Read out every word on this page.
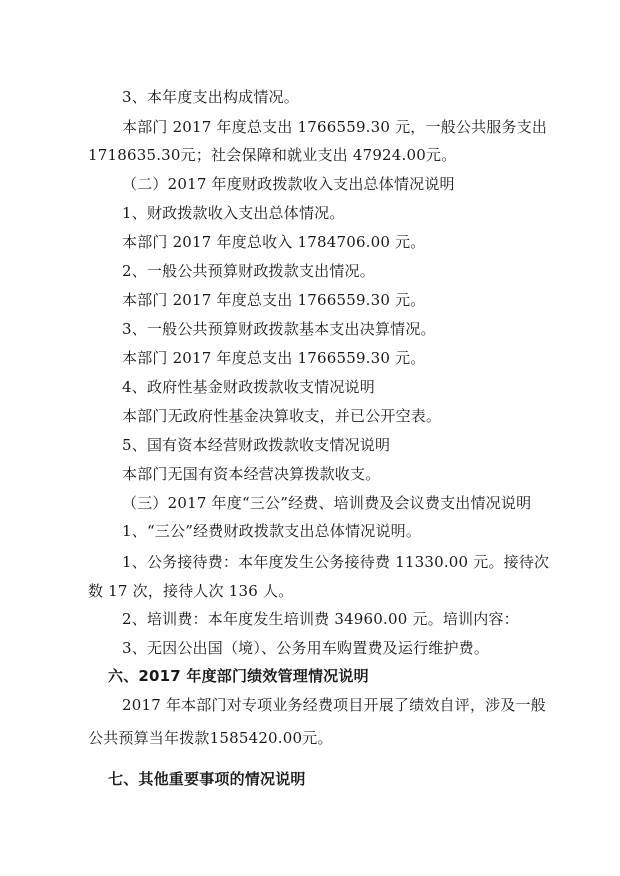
3、本年度支出构成情况。
本部门 2017 年度总支出 1766559.30 元，一般公共服务支出
1718635.30元；社会保障和就业支出 47924.00元。
（二）2017 年度财政拨款收入支出总体情况说明
1、财政拨款收入支出总体情况。
本部门 2017 年度总收入 1784706.00 元。
2、一般公共预算财政拨款支出情况。
本部门 2017 年度总支出 1766559.30 元。
3、一般公共预算财政拨款基本支出决算情况。
本部门 2017 年度总支出 1766559.30 元。
4、政府性基金财政拨款收支情况说明
本部门无政府性基金决算收支，并已公开空表。
5、国有资本经营财政拨款收支情况说明
本部门无国有资本经营决算拨款收支。
（三）2017 年度“三公”经费、培训费及会议费支出情况说明
1、“三公”经费财政拨款支出总体情况说明。
1、公务接待费：本年度发生公务接待费 11330.00 元。接待次
数 17 次，接待人次 136 人。
2、培训费：本年度发生培训费 34960.00 元。培训内容：
3、无因公出国（境）、公务用车购置费及运行维护费。
六、2017 年度部门绩效管理情况说明
2017 年本部门对专项业务经费项目开展了绩效自评，涉及一般
公共预算当年拨款1585420.00元。
七、其他重要事项的情况说明
